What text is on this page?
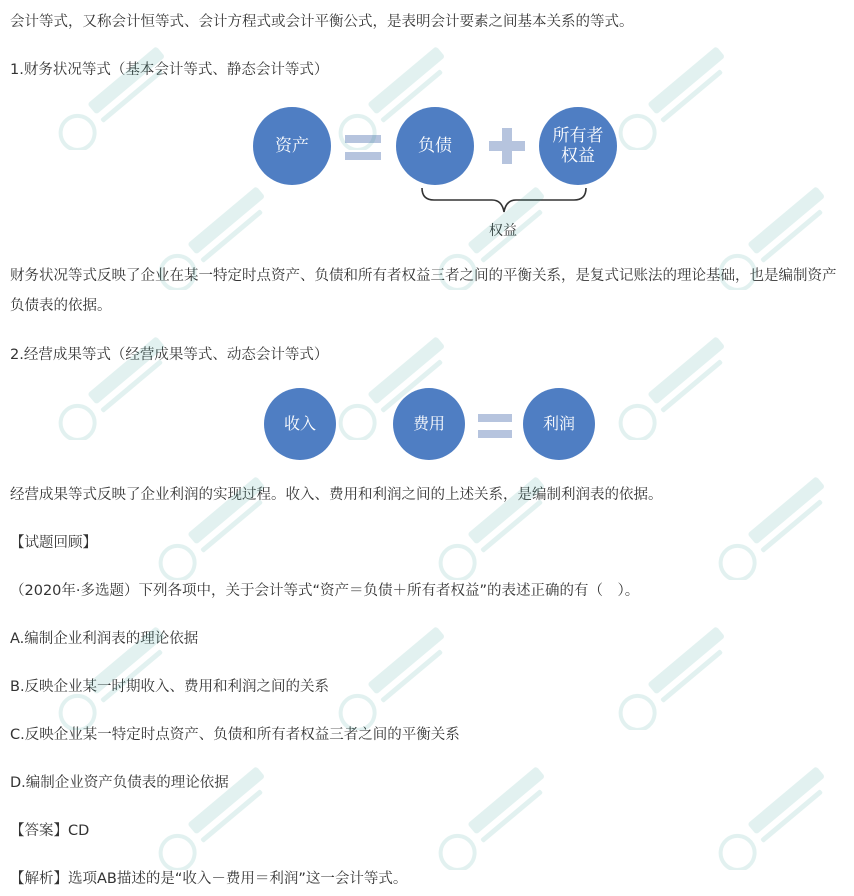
会计等式，又称会计恒等式、会计方程式或会计平衡公式，是表明会计要素之间基本关系的等式。

1.财务状况等式（基本会计等式、静态会计等式）

资产	负债	所有者权益
权益

财务状况等式反映了企业在某一特定时点资产、负债和所有者权益三者之间的平衡关系，是复式记账法的理论基础，也是编制资产负债表的依据。

2.经营成果等式（经营成果等式、动态会计等式）

收入	费用	利润

经营成果等式反映了企业利润的实现过程。收入、费用和利润之间的上述关系，是编制利润表的依据。

【试题回顾】

（2020年·多选题）下列各项中，关于会计等式“资产＝负债＋所有者权益”的表述正确的有（　）。

A.编制企业利润表的理论依据

B.反映企业某一时期收入、费用和利润之间的关系

C.反映企业某一特定时点资产、负债和所有者权益三者之间的平衡关系

D.编制企业资产负债表的理论依据

【答案】CD

【解析】选项AB描述的是“收入－费用＝利润”这一会计等式。
